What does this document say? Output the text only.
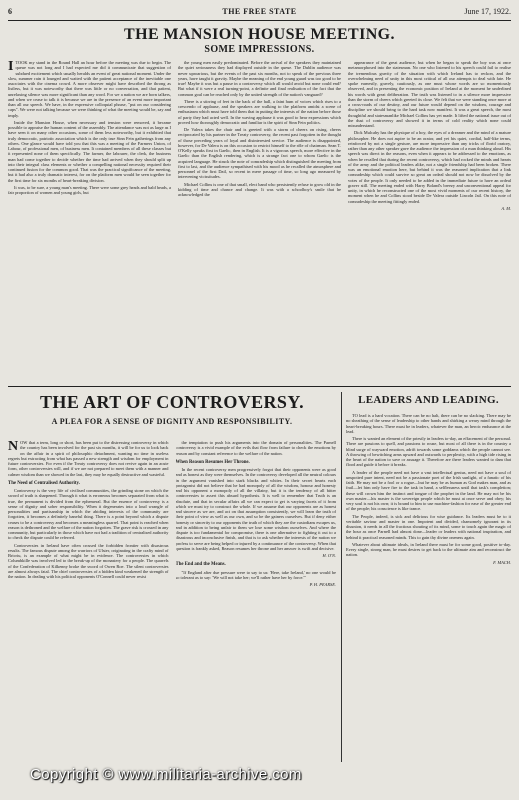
6	THE FREE STATE	June 17, 1922.
THE MANSION HOUSE MEETING.
SOME IMPRESSIONS.

ITOOK my stand in the Round Hall an hour before the meeting was due to begin. The queue was not long and I had expected me did it communicate that suggestion of subdued excitement which usually heralds an event of great national moment. Under the slow, summer rain it lounged and waited with the patient acceptance of the inevitable one associates with the cinema crowd. A more observer might have described the throng as listless, but it was noteworthy that there was little or no conversation, and that patient, unrelaxing silence was more significant than any word. For we a nation we are born talkers, and when we cease to talk it is because we are in the presence of an event more important than all our speech. We have, in the expressive colloquial phrase, "put on our considering caps". We were not talking because we were thinking of what the meeting would be, say and imply.

Inside the Mansion House, when necessary and tension were removed, it became possible to appraise the human content of the assembly. The attendance was not as large as I have seen it on many other occasions, some of them less noteworthy, but it exhibited that truly democratic, patriotic association which is the only true Sinn Fein gatherings from any others. One glance would have told you that this was a meeting of the Farmers Union, of Labour, of professional men, of business men. It contained members of all these classes but it represented none of them specifically. The farmer, the labourer, the clerk, the business man had come together to decide whether the time had arrived when they should split up into their integral class elements or whether a compelling national necessity required their continued fusion for the common good. That was the practical significance of the meeting, but it had also a truly dramatic interest, for on the platform men would be seen together for the first time for six months of heart-breaking division.

It was, to be sure, a young man's meeting. There were some grey heads and bald heads, a fair proportion of women and young girls, but

the young men easily predominated. Before the arrival of the speakers they maintained the quiet seriousness they had displayed outside in the queue. The Dublin audience was never uproarious, but the events of the past six months, not to speak of the previous three years, have taught it gravity. Maybe the meaning of the end young guard was too good to be true! Maybe it was but a pause in a controversy which all would avoid but none could end? But what if it were a real turning-point, a definite and final realisation of the fact that the common goal can be reached only by the united strength of the nation's vanguard?

There is a stirring of feet in the back of the hall, a faint hum of voices which rises to a crescendo of applause, and the speakers are walking to the platform amidst a scene of enthusiasm which must have told them that in putting the interests of the nation before those of party they had acted well. In the waving applause it was good to hear expressions which proved how thoroughly democratic and familiar is the spirit of Sinn Fein politics.

De Valera takes the chair and is greeted with a storm of cheers on rising, cheers reciprocated by his partner in the Treaty controversy, the recent past forgotten in the thought of those preceding years of loyal and disinterested service. The audience is disappointed, however, for De Valera is on this occasion to restrict himself to the rôle of chairman. Sean T. O'Kelly speaks first in Gaelic, then in English. It is a vigorous speech, more effective in the Gaelic than the English rendering, which is a strange fact one to whom Gaelic is the acquired language. He struck the note of comradeship which distinguished the meeting from first to last, and the audience sympathised with his mood as he recalled the atmosphere and personnel of the first Dail, so recent in mere passage of time, so long ago measured by intervening vicissitudes.

Michael Collins is one of that small, elect band who persistently refuse to grow old in the kidding of time and chance and change. It was with a schoolboy's smile that he acknowledged the

appearance of the great audience, but when he began to speak the boy was at once metamorphosed into the statesman. No one who listened to his speech could fail to realise the tremendous gravity of the situation with which Ireland has to reckon, and the overwhelming need of unity in this most critical of all our attempts to deal with fate. He spoke earnestly, gravely, cautiously, as one must whose words are so momentously observed, and in presenting the economic position of Ireland at the moment he underlined his words with great deliberation. The truth was listened to in a silence more impressive than the storm of cheers which greeted its close. We felt that we were standing once more at a cross-roads of our destiny, and our future would depend on the wisdom, courage and discipline we should bring to the hard task now manifest. It was a great speech, the most thoughtful and statesmanlike Michael Collins has yet made. It lifted the national issue out of the dust of controversy and showed it in terms of cold reality which none could misunderstand.

Dick Mulcahy has the physique of a boy, the eyes of a dreamer and the mind of a mature philosopher. He does not aspire to be an orator, and yet his quiet, cordial, half-like terms, reinforced by not a single gesture, are more impressive than any tricks of florid oratory, rather than any other speaker gave the audience the impression of a man thinking aloud. His speech was direct in the reasons, even when it appears to be addressed to the emotions, as when he recalled that during the recent controversy, which had rocked the minds and hearts of the army and the political leaders alike, not a single friendship had been broken. There was an emotional emotion here, but behind it was the reasoned implication that a link comradeship which could survive so great an ordeal should not now be dissolved by the votes of the people. It only needed to be added in the immediate future to have an ordeal graver still. The meeting ended with Harry Boland's breezy and unconventional appeal for unity, in which he reconstructed one of the most vivid moments of our recent history, the moment when he and Collins stood beside De Valera outside Lincoln Jail. On this note of comradeship the meeting fittingly ended.

A. M.

THE ART OF CONTROVERSY.
A PLEA FOR A SENSE OF DIGNITY AND RESPONSIBILITY.

NOW that a term, long or short, has been put to the distressing controversy in which the country has been involved for the past six months, it will be for us to look back on the affair in a spirit of philosophic detachment, wanting no time in useless regrets but extracting from what has passed a new strength and wisdom for employment in future controversies. For even if the Treaty controversy does not revive again in an acute form, other controversies will, and if we are not prepared to meet them with a manner and calmer wisdom than we showed in the last, they may be equally destructive and wasteful.

The Need of Centralised Authority.

Controversy is the very life of civilised communities, the grinding stone on which the sword of truth is sharpened. Through it what is erroneous becomes separated from what is true, the permanent is divided from the ephemeral. But the essence of controversy is a sense of dignity and sober responsibility. When it degenerates into a loud wrangle of personalities and partisanship in which the abiding interests of the community are forgotten, it becomes a definitely baneful thing. There is a point beyond which a dispute ceases to be a controversy and becomes a meaningless quarrel. That point is reached when reason is dethroned and the welfare of the nation forgotten. The grave risk is crossed in any community, but particularly in those which have not had a tradition of centralised authority to check the dispute could be referred.

Controversies in Ireland have often crossed the forbidden frontier with disastrous results. The famous dispute among the warriors of Ulster, originating in the crafty mind of Bricriu, is an example of what might be in evidence. The controversies in which Columbkille was involved led to the break-up of the monastery for a people. The quarrels of the Confederation of Kilkenny broke the sword of Owen Roe. The silent controversies are almost always fatal. The chief controversies of a hidden kind weakened the strength of the nation. In dealing with his political opponents O'Connell could never resist

the temptation to push his arguments into the domain of personalities. The Parnell controversy is a vivid example of the evils that flow from failure to check the emotions by reason and by constant reference to the welfare of the nation.

When Reason Resumes Her Throne.

In the recent controversy men progressively forgot that their opponents were as good and as honest as they were themselves. In the controversy developed all the neutral colours in the argument vanished into stark blacks and whites. In their secret hearts each protagonist did not believe that he had monopoly of all the wisdom, honour and honesty and his opponent a monopoly of all the villainy, but it is the tendency of all bitter controversies to assert this absurd hypothesis. It is well to remember that Truth is an absolute, and that in secular affairs all we can expect to get is varying facets of it from which we must try to construct the whole. If we assume that our opponents are as honest and sincere as we are, and act on that assumption consistently, we will learn the truth of their point of view as well as our own, and so be the gainers ourselves. But if deny either honesty or sincerity to our opponents the truth of which they are the custodians escapes us, and in addition to being unfair to them we lose some wisdom ourselves. And where the dispute is too fundamental for compromise, there is one alternative to fighting it out to a disastrous and inconclusive finish, and that is to ask whether the interests of the nation we profess to serve are being helped or injured by a continuance of the controversy. When that question is frankly asked, Reason resumes her throne and her answer is swift and decisive.

H. O'N.

The End and the Means.

"If England after due pressure were to say to us: 'Here, take Ireland,' no one would be so tolerant as to say: 'We will not take her; we'll rather have her by force.'"

P. H. PEARSE.

LEADERS AND LEADING.

TO lead is a hard vocation. There can be no halt, there can be no slacking. There may be no sheathing of the sense of leadership to other hands and shirking a weary mind through the heart-breaking hours. There must be in leaders, whatever the man, an heroic endurance at the lead.

There is wanted an element of the priestly in leaders to-day, an effacement of the personal. There are passions to quell, and passions to rouse, but most of all there is in the country a blind surge of wayward emotion, adrift towards some goddams which the people cannot see. A throwing of bewitching arms upward and outwards to perplexity, with a high tide rising in the heart of the nation to save or assuage it. Therefore are there leaders wanted to dam that flood and guide it before it breaks.

A leader of the people need not have a vast intellectual genius, need not have a soul of unspotted pure intent, need not be a passionate poet of the Irish sunlight, of a fanatic of his faith. He may not be a fool or a rogue—but he may be as human as God makes man, and as frail—let him only have fire to the task in hand, a selflessness until that task's completion; these will crown him the instinct and tongue of the prophet in the land. He may not be his own master—his master is the sovereign people which he must at once serve and obey; his very soul is not his own; it is bound to him to use machine-fashion for ease of the greater end of the people; his conscience is like trance.

The People, indeed, is sick and delirious for wise guidance. Its leaders must be to it veritable saviour and master in one. Impotent and divided, chamomely ignorant in its disunion, it needs in all the fractious shouting of its mind, some to touch again the magic of the hour as once Parnell had almost done—leader or leaders with national inspiration, and behind it practical reasoned minds. This to gain thy divine oneness again.

Whatever about ultimate ideals, in Ireland there must be for some good, positive to-day. Every single, strong man, he must desires to get back to the ultimate aim and reconstruct the nation.

F. MACH.

Copyright © www.militaria-archive.com
